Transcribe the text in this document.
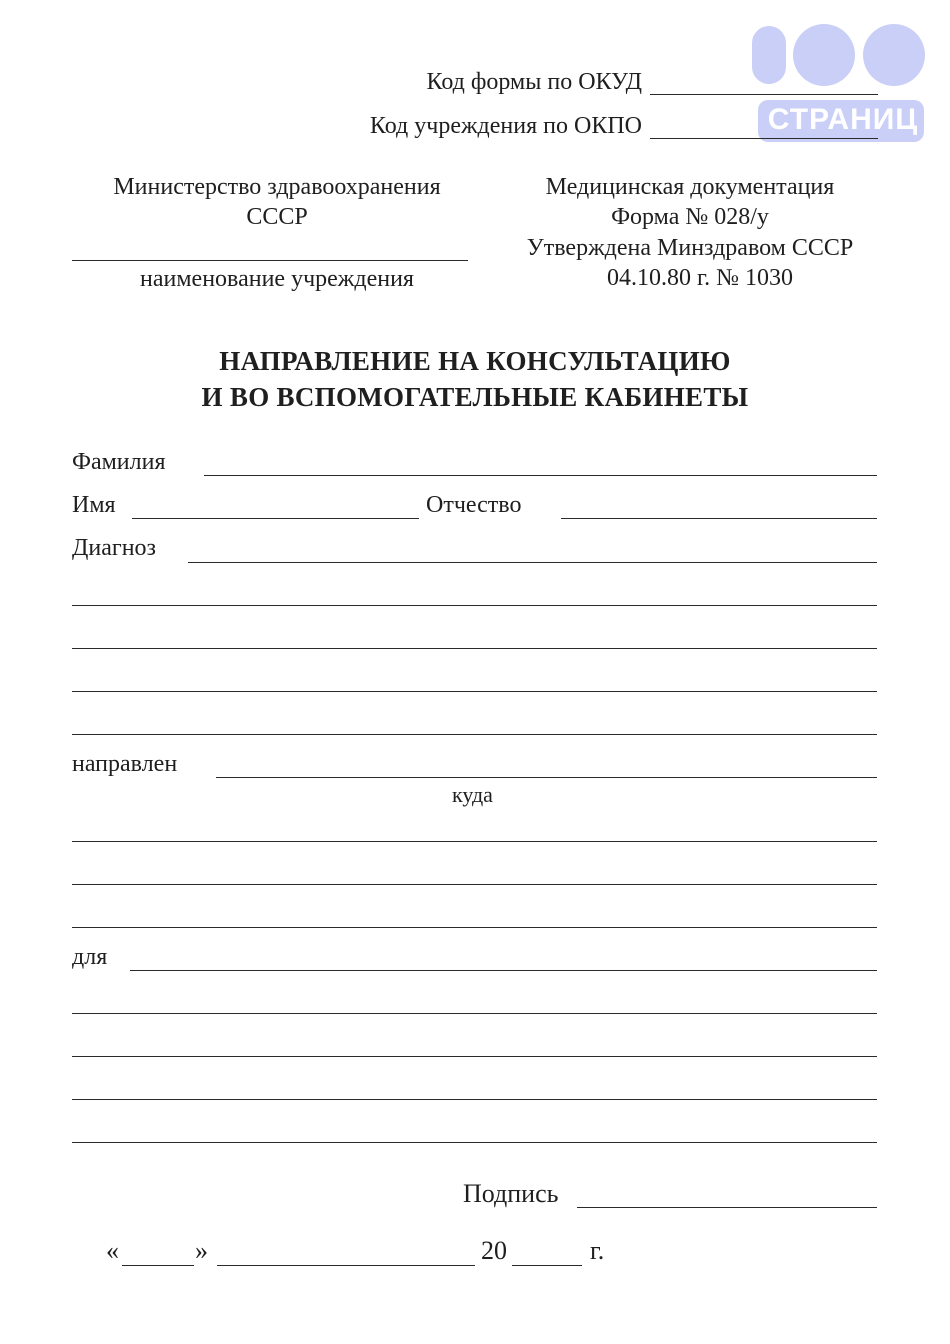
СТРАНИЦ
Код формы по ОКУД
Код учреждения по ОКПО
Министерство здравоохранения
СССР
наименование учреждения
Медицинская документация
Форма № 028/у
Утверждена Минздравом СССР
04.10.80 г. № 1030
НАПРАВЛЕНИЕ НА КОНСУЛЬТАЦИЮ
И ВО ВСПОМОГАТЕЛЬНЫЕ КАБИНЕТЫ
Фамилия
Имя	Отчество
Диагноз
направлен
куда
для
Подпись
«	»	20	г.
